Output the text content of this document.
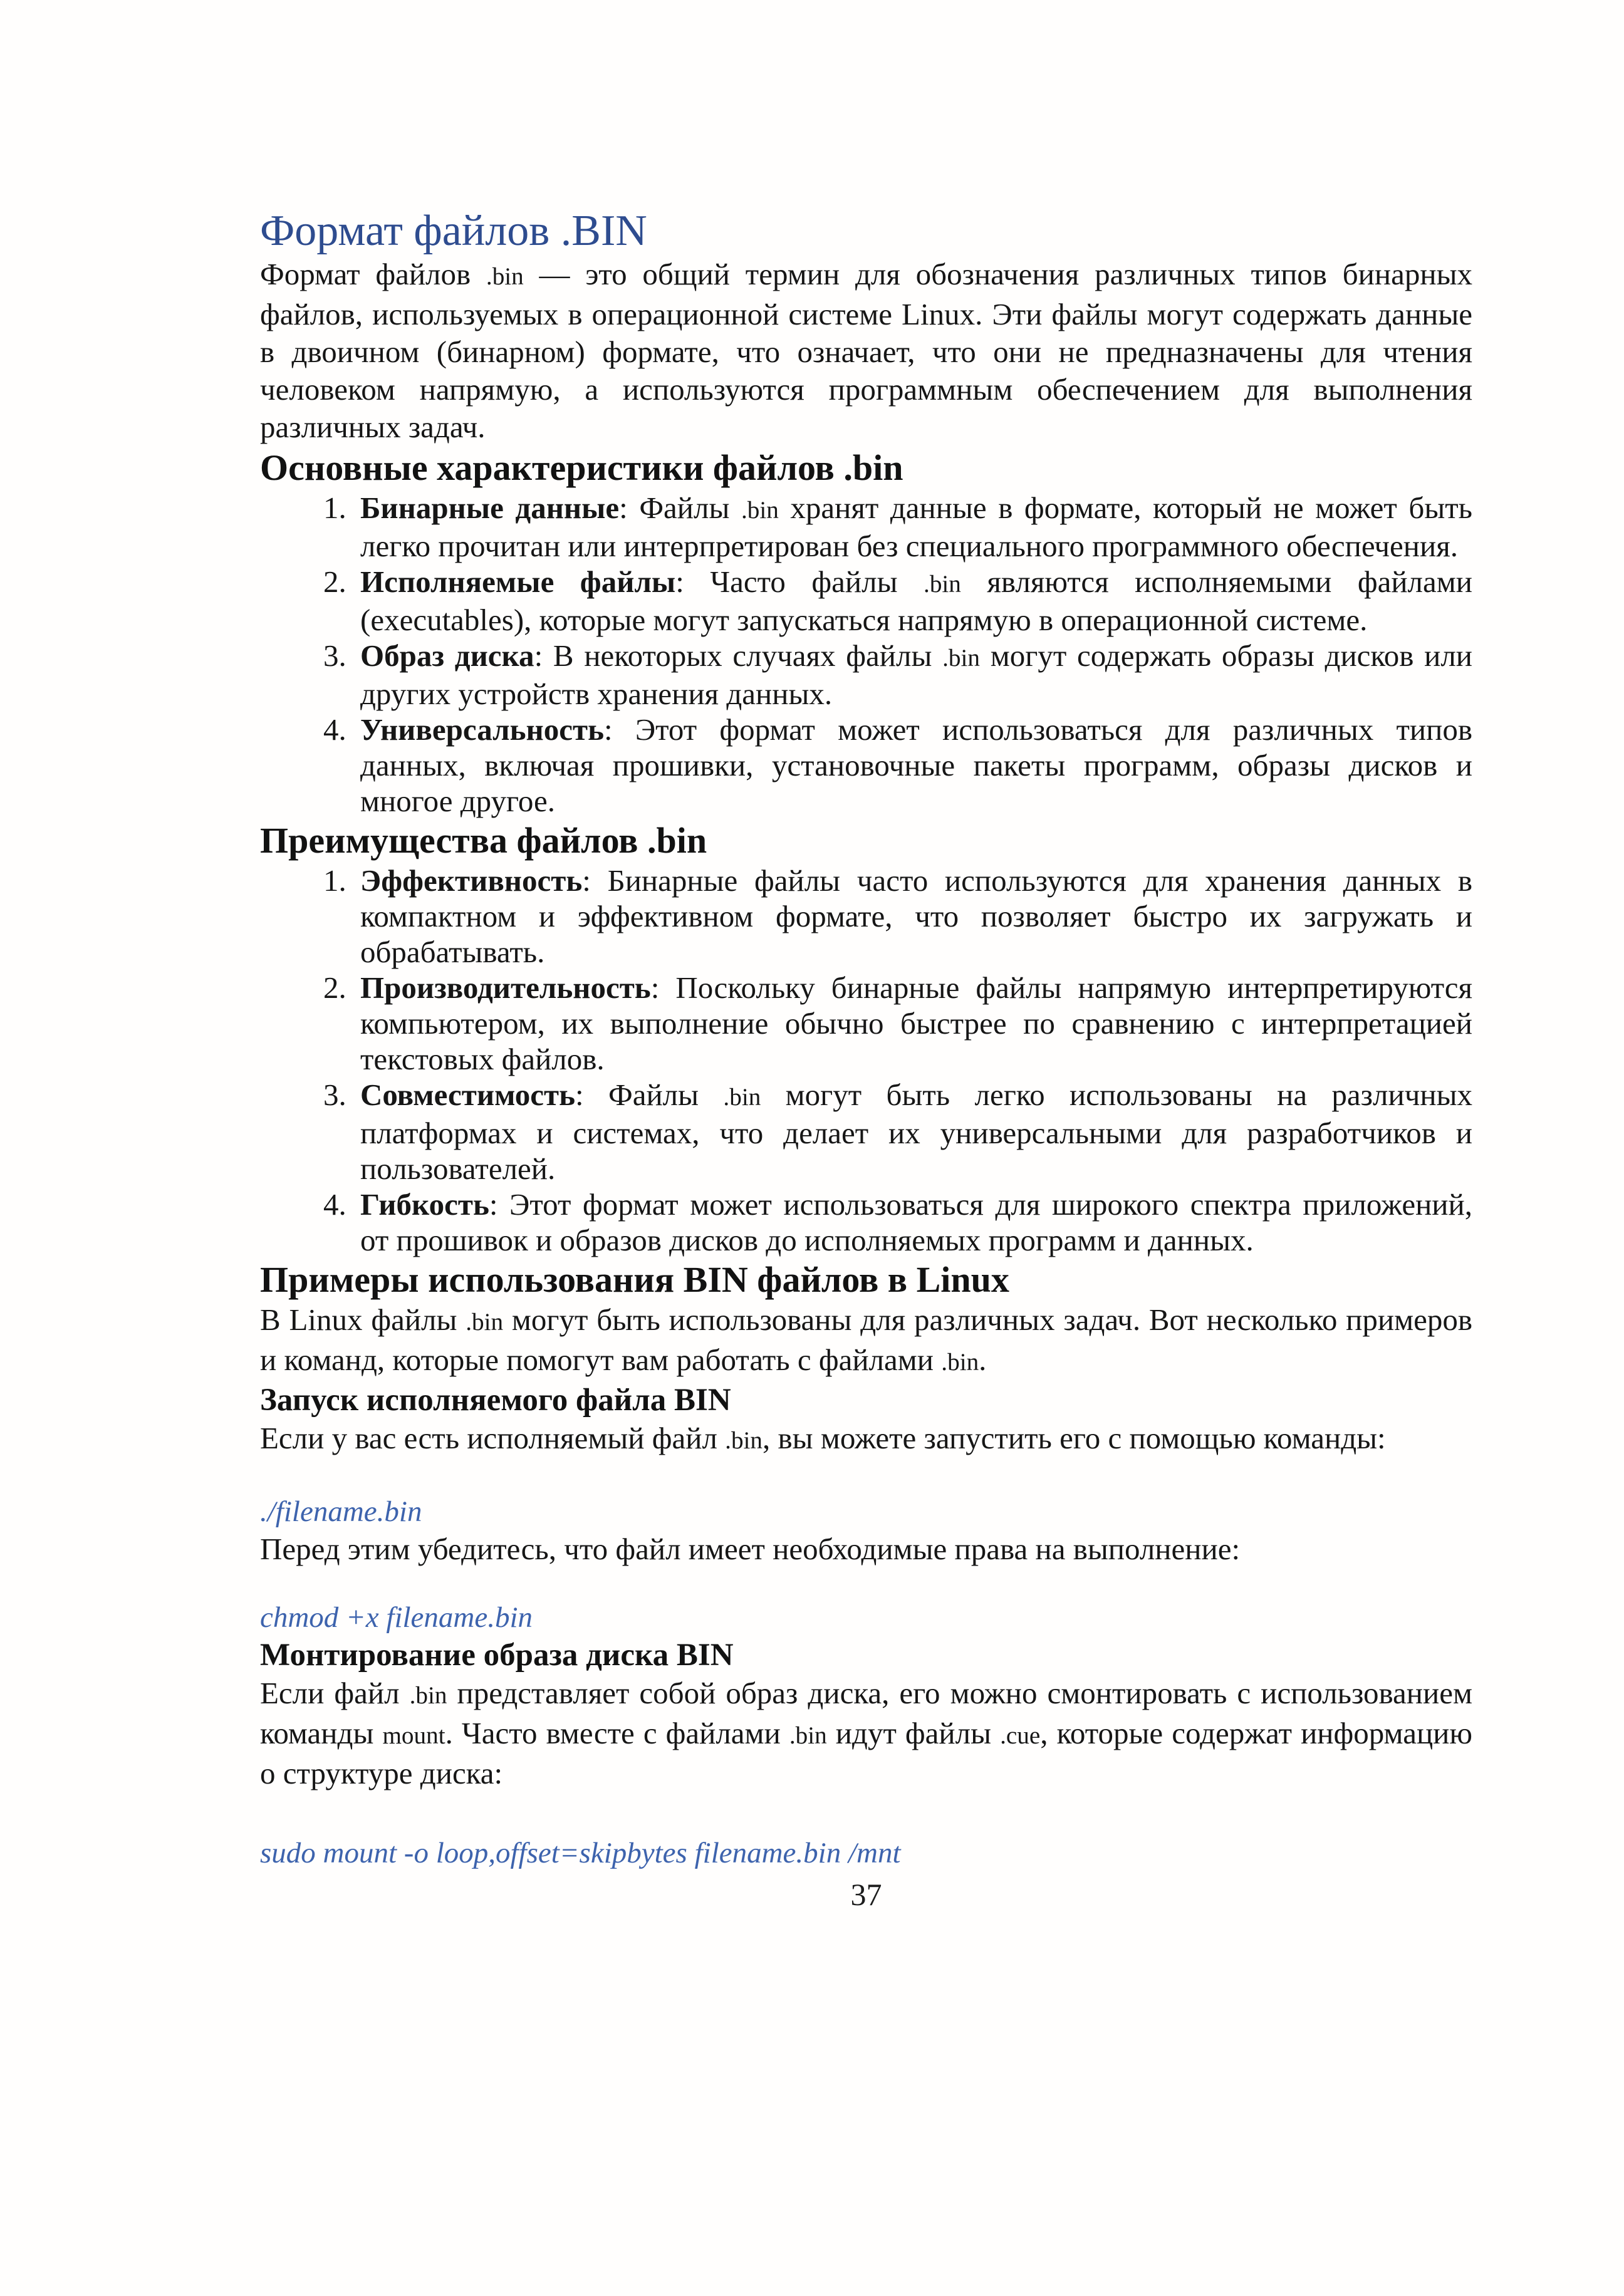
Формат файлов .BIN

Формат файлов .bin — это общий термин для обозначения различных типов бинарных файлов, используемых в операционной системе Linux. Эти файлы могут содержать данные в двоичном (бинарном) формате, что означает, что они не предназначены для чтения человеком напрямую, а используются программным обеспечением для выполнения различных задач.

Основные характеристики файлов .bin
1. Бинарные данные: Файлы .bin хранят данные в формате, который не может быть легко прочитан или интерпретирован без специального программного обеспечения.
2. Исполняемые файлы: Часто файлы .bin являются исполняемыми файлами (executables), которые могут запускаться напрямую в операционной системе.
3. Образ диска: В некоторых случаях файлы .bin могут содержать образы дисков или других устройств хранения данных.
4. Универсальность: Этот формат может использоваться для различных типов данных, включая прошивки, установочные пакеты программ, образы дисков и многое другое.
Преимущества файлов .bin
1. Эффективность: Бинарные файлы часто используются для хранения данных в компактном и эффективном формате, что позволяет быстро их загружать и обрабатывать.
2. Производительность: Поскольку бинарные файлы напрямую интерпретируются компьютером, их выполнение обычно быстрее по сравнению с интерпретацией текстовых файлов.
3. Совместимость: Файлы .bin могут быть легко использованы на различных платформах и системах, что делает их универсальными для разработчиков и пользователей.
4. Гибкость: Этот формат может использоваться для широкого спектра приложений, от прошивок и образов дисков до исполняемых программ и данных.
Примеры использования BIN файлов в Linux

В Linux файлы .bin могут быть использованы для различных задач. Вот несколько примеров и команд, которые помогут вам работать с файлами .bin.

Запуск исполняемого файла BIN

Если у вас есть исполняемый файл .bin, вы можете запустить его с помощью команды:

./filename.bin

Перед этим убедитесь, что файл имеет необходимые права на выполнение:

chmod +x filename.bin

Монтирование образа диска BIN

Если файл .bin представляет собой образ диска, его можно смонтировать с использованием команды mount. Часто вместе с файлами .bin идут файлы .cue, которые содержат информацию о структуре диска:

sudo mount -o loop,offset=skipbytes filename.bin /mnt

37
